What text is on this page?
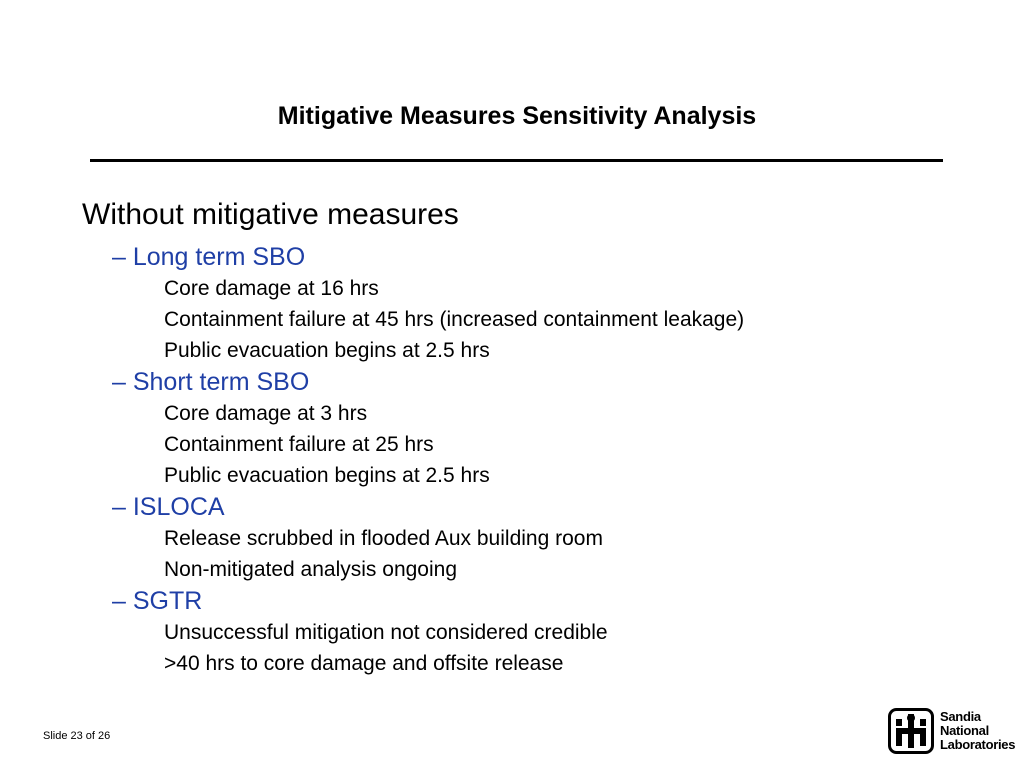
Mitigative Measures Sensitivity Analysis

Without mitigative measures

– Long term SBO

Core damage at 16 hrs

Containment failure at 45 hrs (increased containment leakage)

Public evacuation begins at 2.5 hrs

– Short term SBO

Core damage at 3 hrs

Containment failure at 25 hrs

Public evacuation begins at 2.5 hrs

– ISLOCA

Release scrubbed in flooded Aux building room

Non-mitigated analysis ongoing

– SGTR

Unsuccessful mitigation not considered credible

>40 hrs to core damage and offsite release

Slide 23 of 26
Sandia
National
Laboratories
